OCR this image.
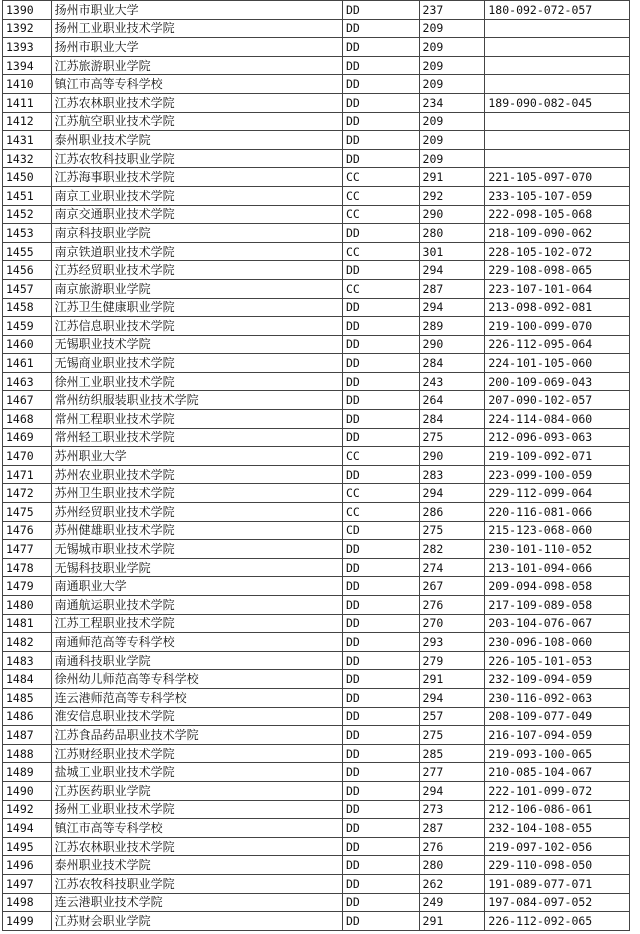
1390	扬州市职业大学	DD	237	180-092-072-057
1392	扬州工业职业技术学院	DD	209	
1393	扬州市职业大学	DD	209	
1394	江苏旅游职业学院	DD	209	
1410	镇江市高等专科学校	DD	209	
1411	江苏农林职业技术学院	DD	234	189-090-082-045
1412	江苏航空职业技术学院	DD	209	
1431	泰州职业技术学院	DD	209	
1432	江苏农牧科技职业学院	DD	209	
1450	江苏海事职业技术学院	CC	291	221-105-097-070
1451	南京工业职业技术学院	CC	292	233-105-107-059
1452	南京交通职业技术学院	CC	290	222-098-105-068
1453	南京科技职业学院	DD	280	218-109-090-062
1455	南京铁道职业技术学院	CC	301	228-105-102-072
1456	江苏经贸职业技术学院	DD	294	229-108-098-065
1457	南京旅游职业学院	CC	287	223-107-101-064
1458	江苏卫生健康职业学院	DD	294	213-098-092-081
1459	江苏信息职业技术学院	DD	289	219-100-099-070
1460	无锡职业技术学院	DD	290	226-112-095-064
1461	无锡商业职业技术学院	DD	284	224-101-105-060
1463	徐州工业职业技术学院	DD	243	200-109-069-043
1467	常州纺织服装职业技术学院	DD	264	207-090-102-057
1468	常州工程职业技术学院	DD	284	224-114-084-060
1469	常州轻工职业技术学院	DD	275	212-096-093-063
1470	苏州职业大学	CC	290	219-109-092-071
1471	苏州农业职业技术学院	DD	283	223-099-100-059
1472	苏州卫生职业技术学院	CC	294	229-112-099-064
1475	苏州经贸职业技术学院	CC	286	220-116-081-066
1476	苏州健雄职业技术学院	CD	275	215-123-068-060
1477	无锡城市职业技术学院	DD	282	230-101-110-052
1478	无锡科技职业学院	DD	274	213-101-094-066
1479	南通职业大学	DD	267	209-094-098-058
1480	南通航运职业技术学院	DD	276	217-109-089-058
1481	江苏工程职业技术学院	DD	270	203-104-076-067
1482	南通师范高等专科学校	DD	293	230-096-108-060
1483	南通科技职业学院	DD	279	226-105-101-053
1484	徐州幼儿师范高等专科学校	DD	291	232-109-094-059
1485	连云港师范高等专科学校	DD	294	230-116-092-063
1486	淮安信息职业技术学院	DD	257	208-109-077-049
1487	江苏食品药品职业技术学院	DD	275	216-107-094-059
1488	江苏财经职业技术学院	DD	285	219-093-100-065
1489	盐城工业职业技术学院	DD	277	210-085-104-067
1490	江苏医药职业学院	DD	294	222-101-099-072
1492	扬州工业职业技术学院	DD	273	212-106-086-061
1494	镇江市高等专科学校	DD	287	232-104-108-055
1495	江苏农林职业技术学院	DD	276	219-097-102-056
1496	泰州职业技术学院	DD	280	229-110-098-050
1497	江苏农牧科技职业学院	DD	262	191-089-077-071
1498	连云港职业技术学院	DD	249	197-084-097-052
1499	江苏财会职业学院	DD	291	226-112-092-065
